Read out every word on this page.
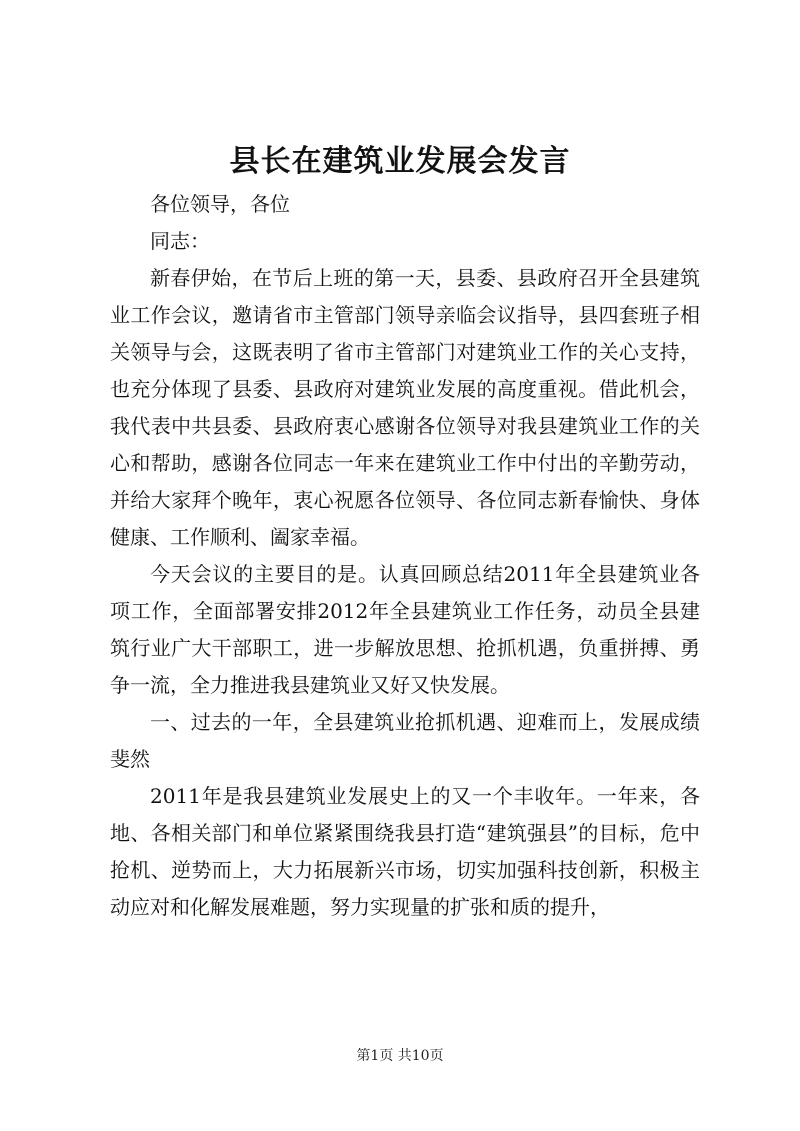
县长在建筑业发展会发言

各位领导，各位

同志：

新春伊始，在节后上班的第一天，县委、县政府召开全县建筑业工作会议，邀请省市主管部门领导亲临会议指导，县四套班子相关领导与会，这既表明了省市主管部门对建筑业工作的关心支持，也充分体现了县委、县政府对建筑业发展的高度重视。借此机会，我代表中共县委、县政府衷心感谢各位领导对我县建筑业工作的关心和帮助，感谢各位同志一年来在建筑业工作中付出的辛勤劳动，并给大家拜个晚年，衷心祝愿各位领导、各位同志新春愉快、身体健康、工作顺利、阖家幸福。

今天会议的主要目的是。认真回顾总结2011年全县建筑业各项工作，全面部署安排2012年全县建筑业工作任务，动员全县建筑行业广大干部职工，进一步解放思想、抢抓机遇，负重拼搏、勇争一流，全力推进我县建筑业又好又快发展。

一、过去的一年，全县建筑业抢抓机遇、迎难而上，发展成绩斐然

2011年是我县建筑业发展史上的又一个丰收年。一年来，各地、各相关部门和单位紧紧围绕我县打造“建筑强县”的目标，危中抢机、逆势而上，大力拓展新兴市场，切实加强科技创新，积极主动应对和化解发展难题，努力实现量的扩张和质的提升，

第1页 共10页
